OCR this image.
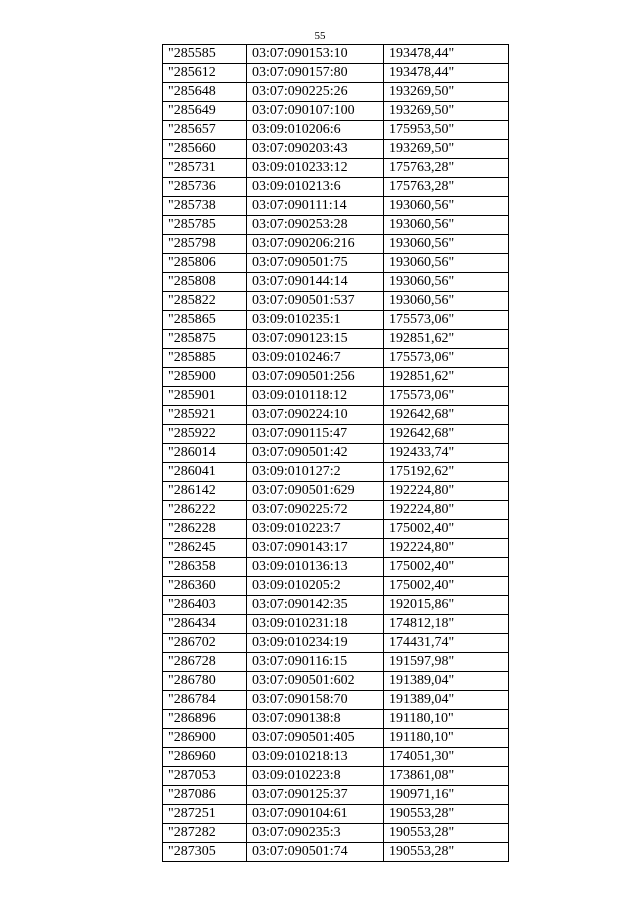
55
"285585	03:07:090153:10	193478,44"
"285612	03:07:090157:80	193478,44"
"285648	03:07:090225:26	193269,50"
"285649	03:07:090107:100	193269,50"
"285657	03:09:010206:6	175953,50"
"285660	03:07:090203:43	193269,50"
"285731	03:09:010233:12	175763,28"
"285736	03:09:010213:6	175763,28"
"285738	03:07:090111:14	193060,56"
"285785	03:07:090253:28	193060,56"
"285798	03:07:090206:216	193060,56"
"285806	03:07:090501:75	193060,56"
"285808	03:07:090144:14	193060,56"
"285822	03:07:090501:537	193060,56"
"285865	03:09:010235:1	175573,06"
"285875	03:07:090123:15	192851,62"
"285885	03:09:010246:7	175573,06"
"285900	03:07:090501:256	192851,62"
"285901	03:09:010118:12	175573,06"
"285921	03:07:090224:10	192642,68"
"285922	03:07:090115:47	192642,68"
"286014	03:07:090501:42	192433,74"
"286041	03:09:010127:2	175192,62"
"286142	03:07:090501:629	192224,80"
"286222	03:07:090225:72	192224,80"
"286228	03:09:010223:7	175002,40"
"286245	03:07:090143:17	192224,80"
"286358	03:09:010136:13	175002,40"
"286360	03:09:010205:2	175002,40"
"286403	03:07:090142:35	192015,86"
"286434	03:09:010231:18	174812,18"
"286702	03:09:010234:19	174431,74"
"286728	03:07:090116:15	191597,98"
"286780	03:07:090501:602	191389,04"
"286784	03:07:090158:70	191389,04"
"286896	03:07:090138:8	191180,10"
"286900	03:07:090501:405	191180,10"
"286960	03:09:010218:13	174051,30"
"287053	03:09:010223:8	173861,08"
"287086	03:07:090125:37	190971,16"
"287251	03:07:090104:61	190553,28"
"287282	03:07:090235:3	190553,28"
"287305	03:07:090501:74	190553,28"
